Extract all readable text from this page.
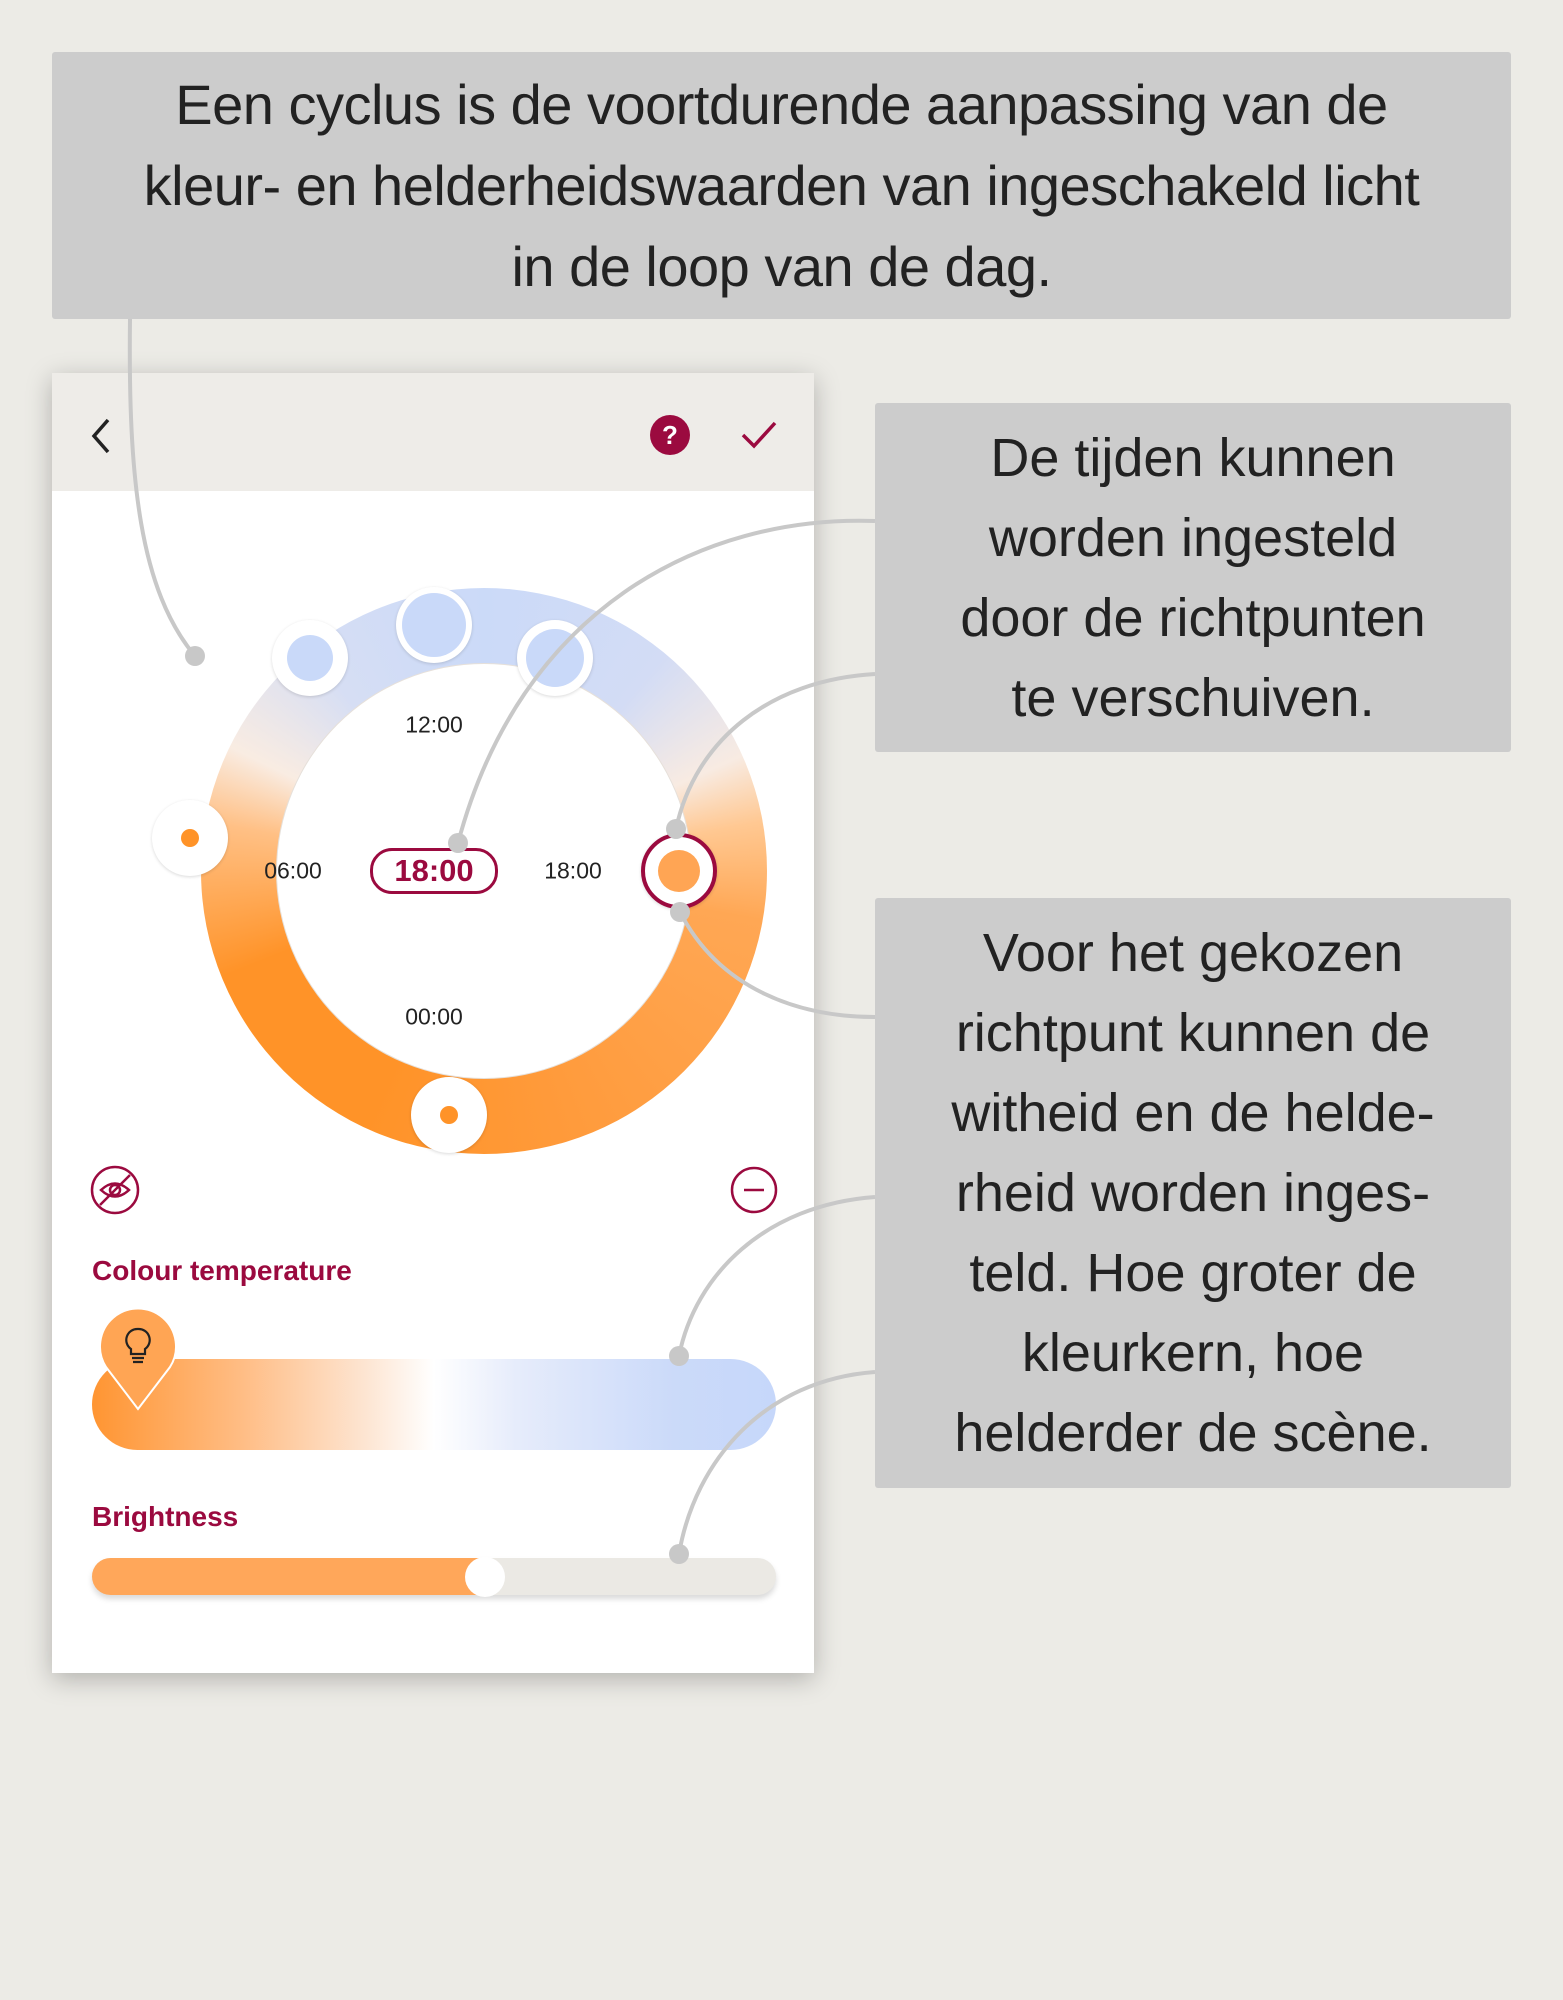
Een cyclus is de voortdurende aanpassing van de
kleur- en helderheidswaarden van ingeschakeld licht
in de loop van de dag.
De tijden kunnen
worden ingesteld
door de richtpunten
te verschuiven.
Voor het gekozen
richtpunt kunnen de
witheid en de helde-
rheid worden inges-
teld. Hoe groter de
kleurkern, hoe
helderder de scène.
?
12:00
06:00	18:00
00:00
18:00
Colour temperature
Brightness
